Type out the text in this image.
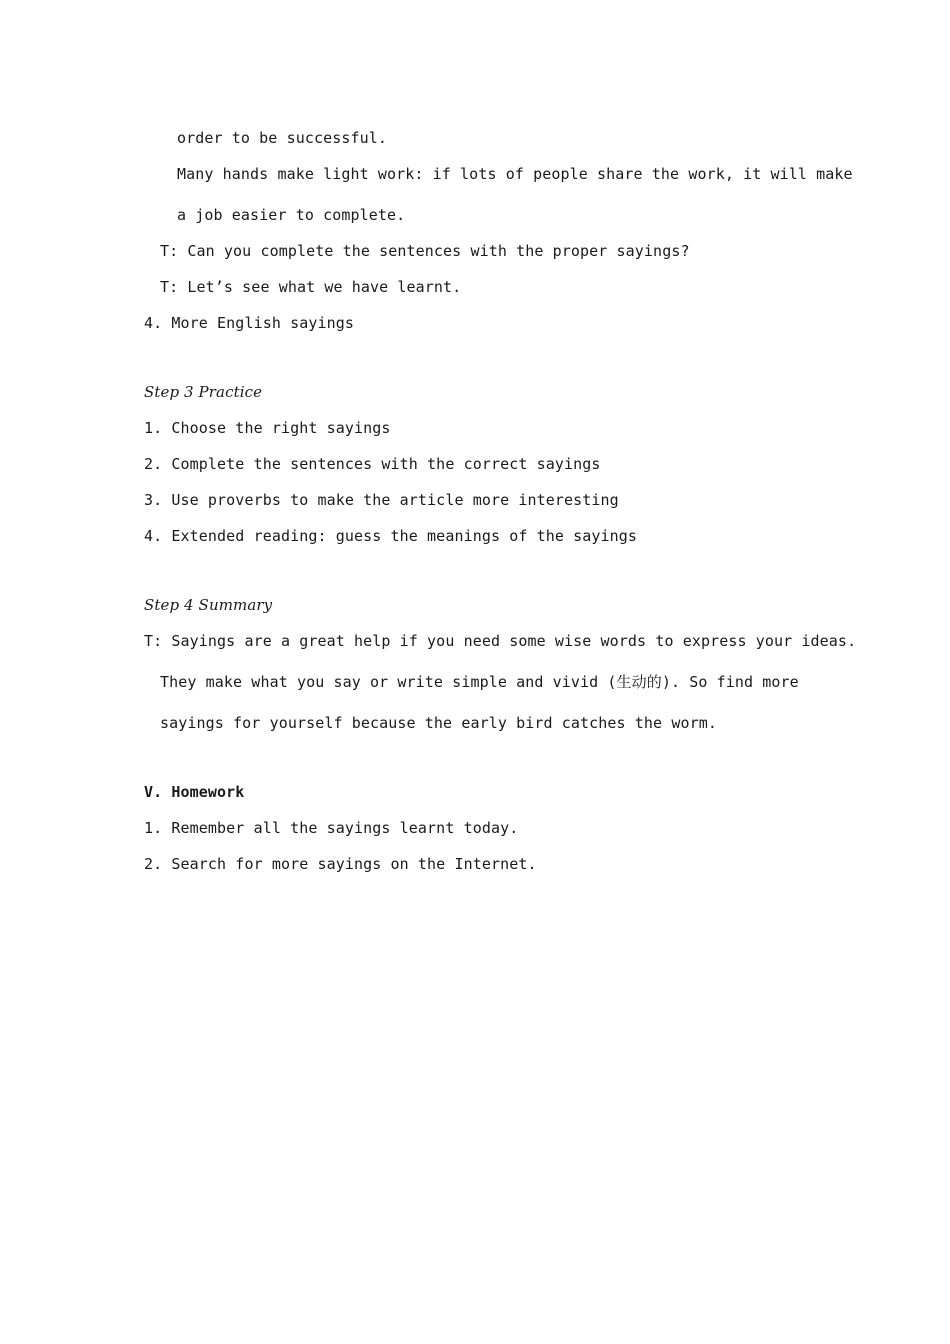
order to be successful.
Many hands make light work: if lots of people share the work, it will make
a job easier to complete.
T: Can you complete the sentences with the proper sayings?
T: Let’s see what we have learnt.
4. More English sayings
Step 3 Practice
1. Choose the right sayings
2. Complete the sentences with the correct sayings
3. Use proverbs to make the article more interesting
4. Extended reading: guess the meanings of the sayings
Step 4 Summary
T: Sayings are a great help if you need some wise words to express your ideas.
They make what you say or write simple and vivid (生动的). So find more
sayings for yourself because the early bird catches the worm.
V. Homework
1. Remember all the sayings learnt today.
2. Search for more sayings on the Internet.
